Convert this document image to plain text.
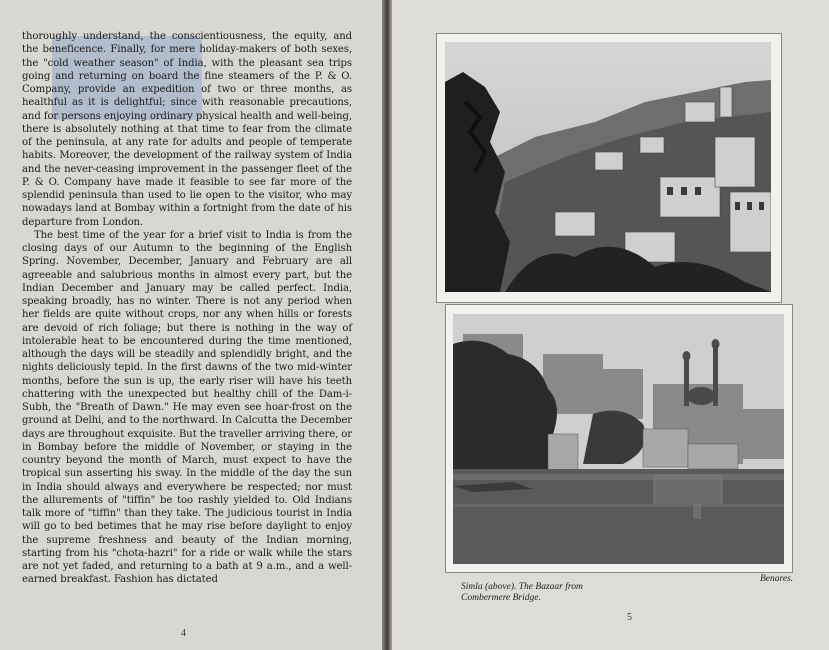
thoroughly understand, the conscientiousness, the equity, and the beneficence. Finally, for mere holiday-makers of both sexes, the "cold weather season" of India, with the pleasant sea trips going and returning on board the fine steamers of the P. & O. Company, provide an expedition of two or three months, as healthful as it is delightful; since with reasonable precautions, and for persons enjoying ordinary physical health and well-being, there is absolutely nothing at that time to fear from the climate of the peninsula, at any rate for adults and people of temperate habits. Moreover, the development of the railway system of India and the never-ceasing improvement in the passenger fleet of the P. & O. Company have made it feasible to see far more of the splendid peninsula than used to lie open to the visitor, who may nowadays land at Bombay within a fortnight from the date of his departure from London.

The best time of the year for a brief visit to India is from the closing days of our Autumn to the beginning of the English Spring. November, December, January and February are all agreeable and salubrious months in almost every part, but the Indian December and January may be called perfect. India, speaking broadly, has no winter. There is not any period when her fields are quite without crops, nor any when hills or forests are devoid of rich foliage; but there is nothing in the way of intolerable heat to be encountered during the time mentioned, although the days will be steadily and splendidly bright, and the nights deliciously tepid. In the first dawns of the two mid-winter months, before the sun is up, the early riser will have his teeth chattering with the unexpected but healthy chill of the Dam-i-Subh, the "Breath of Dawn." He may even see hoar-frost on the ground at Delhi, and to the northward. In Calcutta the December days are throughout exquisite. But the traveller arriving there, or in Bombay before the middle of November, or staying in the country beyond the month of March, must expect to have the tropical sun asserting his sway. In the middle of the day the sun in India should always and everywhere be respected; nor must the allurements of "tiffin" be too rashly yielded to. Old Indians talk more of "tiffin" than they take. The judicious tourist in India will go to bed betimes that he may rise before daylight to enjoy the supreme freshness and beauty of the Indian morning, starting from his "chota-hazri" for a ride or walk while the stars are not yet faded, and returning to a bath at 9 a.m., and a well-earned breakfast. Fashion has dictated

4
Simla (above). The Bazaar from Combermere Bridge.
Benares.
5
